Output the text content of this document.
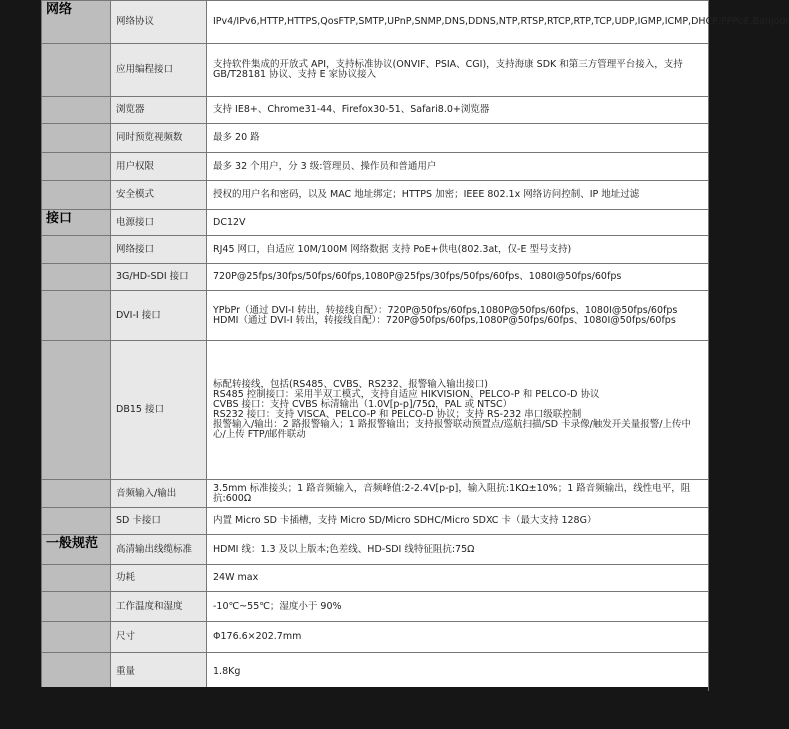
网络	网络协议	IPv4/IPv6,HTTP,HTTPS,QosFTP,SMTP,UPnP,SNMP,DNS,DDNS,NTP,RTSP,RTCP,RTP,TCP,UDP,IGMP,ICMP,DHCP,PPPoE,Bonjour
	应用编程接口	支持软件集成的开放式 API，支持标准协议(ONVIF、PSIA、CGI)，支持海康 SDK 和第三方管理平台接入，支持 GB/T28181 协议、支持 E 家协议接入
	浏览器	支持 IE8+、Chrome31-44、Firefox30-51、Safari8.0+浏览器
	同时预览视频数	最多 20 路
	用户权限	最多 32 个用户，分 3 级:管理员、操作员和普通用户
	安全模式	授权的用户名和密码，以及 MAC 地址绑定；HTTPS 加密；IEEE 802.1x 网络访问控制、IP 地址过滤
接口	电源接口	DC12V
	网络接口	RJ45 网口，自适应 10M/100M 网络数据 支持 PoE+供电(802.3at，仅-E 型号支持)
	3G/HD-SDI 接口	720P@25fps/30fps/50fps/60fps,1080P@25fps/30fps/50fps/60fps、1080I@50fps/60fps
	DVI-I 接口	YPbPr（通过 DVI-I 转出，转接线自配）：720P@50fps/60fps,1080P@50fps/60fps、1080I@50fps/60fps
HDMI（通过 DVI-I 转出，转接线自配）：720P@50fps/60fps,1080P@50fps/60fps、1080I@50fps/60fps
	DB15 接口	标配转接线，包括(RS485、CVBS、RS232、报警输入输出接口)
RS485 控制接口：采用半双工模式，支持自适应 HIKVISION、PELCO-P 和 PELCO-D 协议
CVBS 接口：支持 CVBS 标清输出（1.0V[p-p]/75Ω，PAL 或 NTSC）
RS232 接口：支持 VISCA、PELCO-P 和 PELCO-D 协议；支持 RS-232 串口级联控制
报警输入/输出：2 路报警输入；1 路报警输出；支持报警联动预置点/巡航扫描/SD 卡录像/触发开关量报警/上传中心/上传 FTP/邮件联动
	音频输入/输出	3.5mm 标准接头；1 路音频输入，音频峰值:2-2.4V[p-p]，输入阻抗:1KΩ±10%；1 路音频输出，线性电平，阻抗:600Ω
	SD 卡接口	内置 Micro SD 卡插槽，支持 Micro SD/Micro SDHC/Micro SDXC 卡（最大支持 128G）
一般规范	高清输出线缆标准	HDMI 线：1.3 及以上版本;色差线、HD-SDI 线特征阻抗:75Ω
	功耗	24W max
	工作温度和湿度	-10℃~55℃；湿度小于 90%
	尺寸	Φ176.6×202.7mm
	重量	1.8Kg
